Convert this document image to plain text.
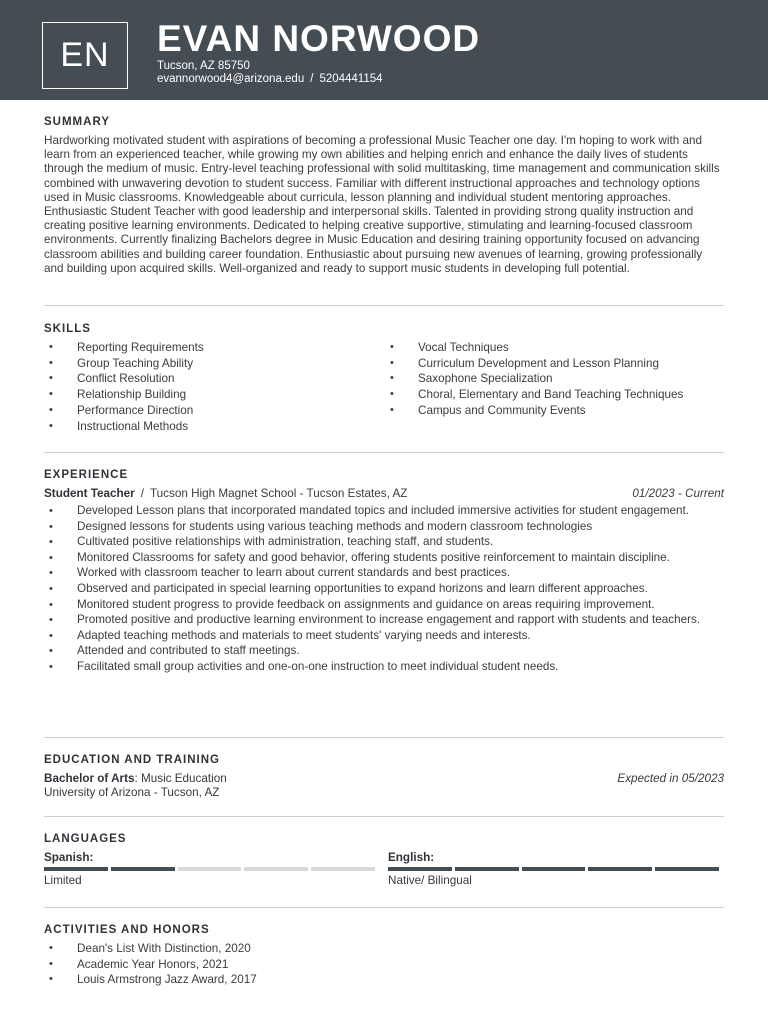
EN	EVAN NORWOOD
Tucson, AZ 85750
evannorwood4@arizona.edu / 5204441154
SUMMARY
Hardworking motivated student with aspirations of becoming a professional Music Teacher one day. I'm hoping to work with and learn from an experienced teacher, while growing my own abilities and helping enrich and enhance the daily lives of students through the medium of music. Entry-level teaching professional with solid multitasking, time management and communication skills combined with unwavering devotion to student success. Familiar with different instructional approaches and technology options used in Music classrooms. Knowledgeable about curricula, lesson planning and individual student mentoring approaches. Enthusiastic Student Teacher with good leadership and interpersonal skills. Talented in providing strong quality instruction and creating positive learning environments. Dedicated to helping creative supportive, stimulating and learning-focused classroom environments. Currently finalizing Bachelors degree in Music Education and desiring training opportunity focused on advancing classroom abilities and building career foundation. Enthusiastic about pursuing new avenues of learning, growing professionally and building upon acquired skills. Well-organized and ready to support music students in developing full potential.
SKILLS
• Reporting Requirements
• Group Teaching Ability
• Conflict Resolution
• Relationship Building
• Performance Direction
• Instructional Methods
• Vocal Techniques
• Curriculum Development and Lesson Planning
• Saxophone Specialization
• Choral, Elementary and Band Teaching Techniques
• Campus and Community Events
EXPERIENCE
Student Teacher / Tucson High Magnet School - Tucson Estates, AZ	01/2023 - Current
• Developed Lesson plans that incorporated mandated topics and included immersive activities for student engagement.
• Designed lessons for students using various teaching methods and modern classroom technologies
• Cultivated positive relationships with administration, teaching staff, and students.
• Monitored Classrooms for safety and good behavior, offering students positive reinforcement to maintain discipline.
• Worked with classroom teacher to learn about current standards and best practices.
• Observed and participated in special learning opportunities to expand horizons and learn different approaches.
• Monitored student progress to provide feedback on assignments and guidance on areas requiring improvement.
• Promoted positive and productive learning environment to increase engagement and rapport with students and teachers.
• Adapted teaching methods and materials to meet students' varying needs and interests.
• Attended and contributed to staff meetings.
• Facilitated small group activities and one-on-one instruction to meet individual student needs.
EDUCATION AND TRAINING
Bachelor of Arts: Music Education	Expected in 05/2023
University of Arizona - Tucson, AZ
LANGUAGES
Spanish:
Limited
English:
Native/ Bilingual
ACTIVITIES AND HONORS
• Dean's List With Distinction, 2020
• Academic Year Honors, 2021
• Louis Armstrong Jazz Award, 2017
